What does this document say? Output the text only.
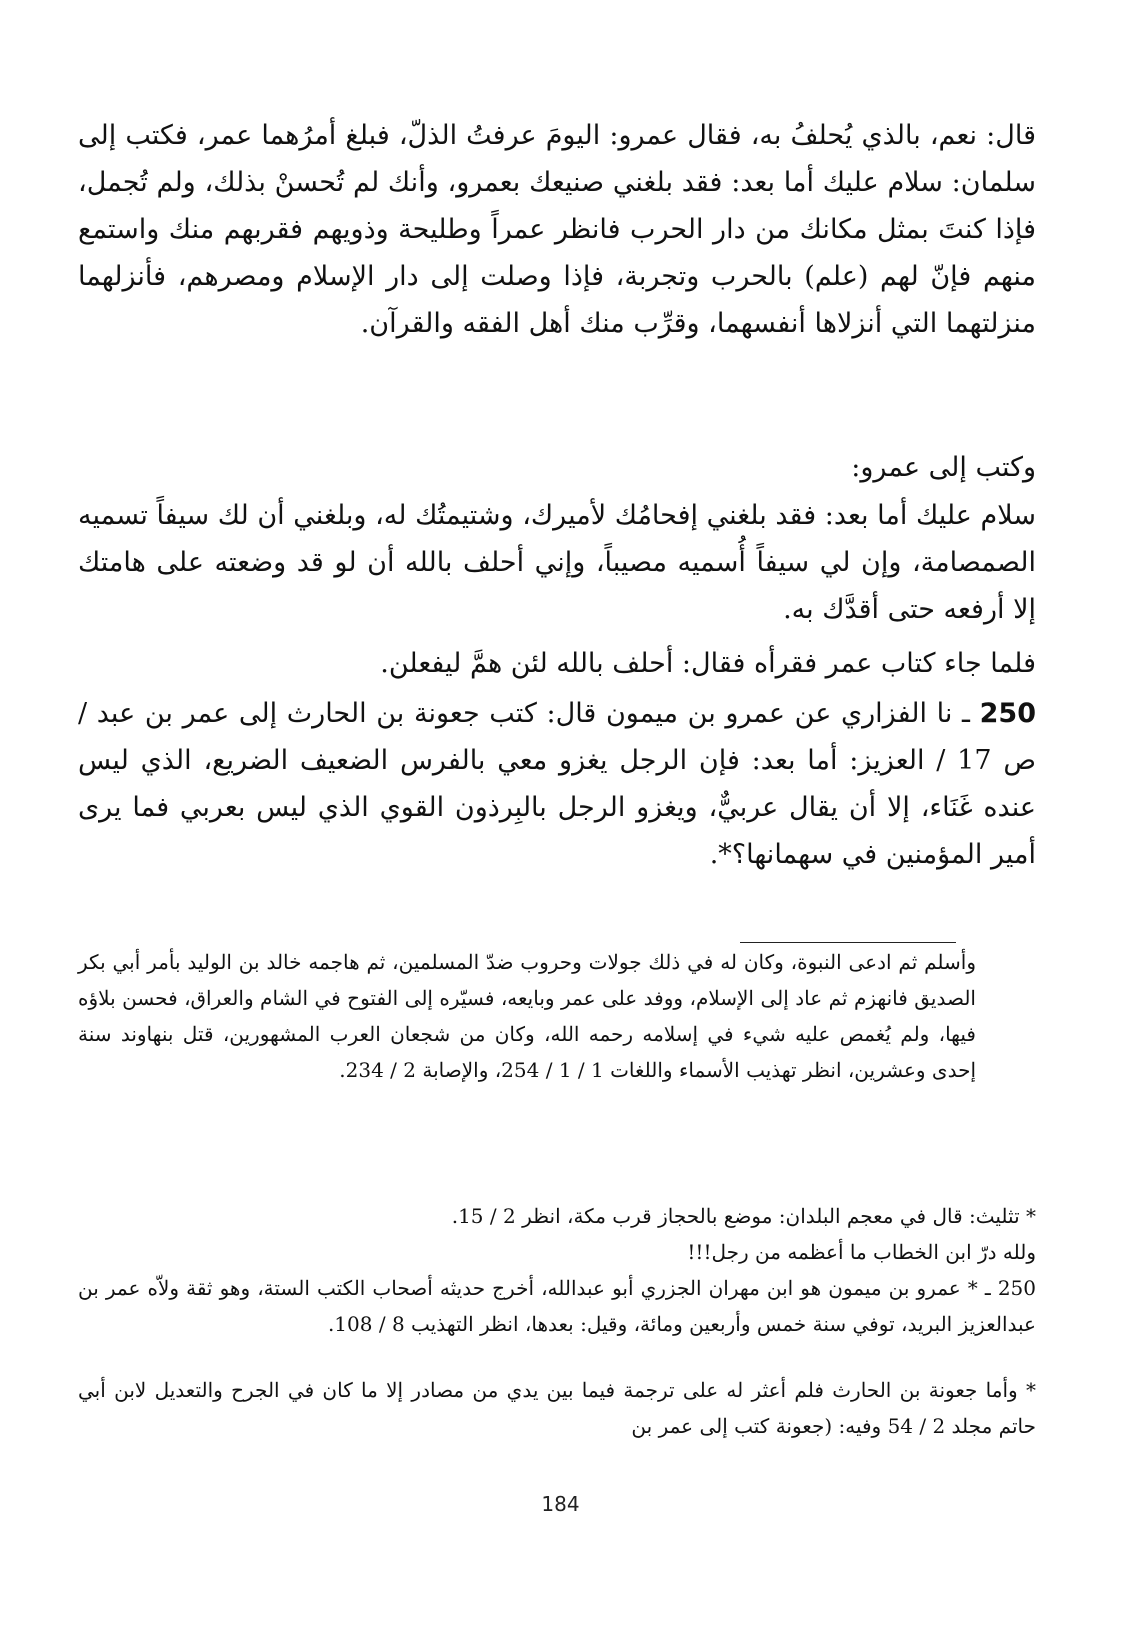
قال: نعم، بالذي يُحلفُ به، فقال عمرو: اليومَ عرفتُ الذلّ، فبلغ أمرُهما عمر، فكتب إلى سلمان: سلام عليك أما بعد: فقد بلغني صنيعك بعمرو، وأنك لم تُحسنْ بذلك، ولم تُجمل، فإذا كنتَ بمثل مكانك من دار الحرب فانظر عمراً وطليحة وذويهم فقربهم منك واستمع منهم فإنّ لهم (علم) بالحرب وتجربة، فإذا وصلت إلى دار الإسلام ومصرهم، فأنزلهما منزلتهما التي أنزلاها أنفسهما، وقرِّب منك أهل الفقه والقرآن.

وكتب إلى عمرو:

سلام عليك أما بعد: فقد بلغني إفحامُك لأميرك، وشتيمتُك له، وبلغني أن لك سيفاً تسميه الصمصامة، وإن لي سيفاً أُسميه مصيباً، وإني أحلف بالله أن لو قد وضعته على هامتك إلا أرفعه حتى أقدَّك به.

فلما جاء كتاب عمر فقرأه فقال: أحلف بالله لئن همَّ ليفعلن.

250 ـ نا الفزاري عن عمرو بن ميمون قال: كتب جعونة بن الحارث إلى عمر بن عبد / ص 17 / العزيز: أما بعد: فإن الرجل يغزو معي بالفرس الضعيف الضريع، الذي ليس عنده غَنَاء، إلا أن يقال عربيٌّ، ويغزو الرجل بالبِرذون القوي الذي ليس بعربي فما يرى أمير المؤمنين في سهمانها؟*.

وأسلم ثم ادعى النبوة، وكان له في ذلك جولات وحروب ضدّ المسلمين، ثم هاجمه خالد بن الوليد بأمر أبي بكر الصديق فانهزم ثم عاد إلى الإسلام، ووفد على عمر وبايعه، فسيّره إلى الفتوح في الشام والعراق، فحسن بلاؤه فيها، ولم يُغمص عليه شيء في إسلامه رحمه الله، وكان من شجعان العرب المشهورين، قتل بنهاوند سنة إحدى وعشرين، انظر تهذيب الأسماء واللغات 1 / 1 / 254، والإصابة 2 / 234.

* تثليث: قال في معجم البلدان: موضع بالحجاز قرب مكة، انظر 2 / 15.

ولله درّ ابن الخطاب ما أعظمه من رجل!!!

250 ـ * عمرو بن ميمون هو ابن مهران الجزري أبو عبدالله، أخرج حديثه أصحاب الكتب الستة، وهو ثقة ولاّه عمر بن عبدالعزيز البريد، توفي سنة خمس وأربعين ومائة، وقيل: بعدها، انظر التهذيب 8 / 108.

* وأما جعونة بن الحارث فلم أعثر له على ترجمة فيما بين يدي من مصادر إلا ما كان في الجرح والتعديل لابن أبي حاتم مجلد 2 / 54 وفيه: (جعونة كتب إلى عمر بن

184
